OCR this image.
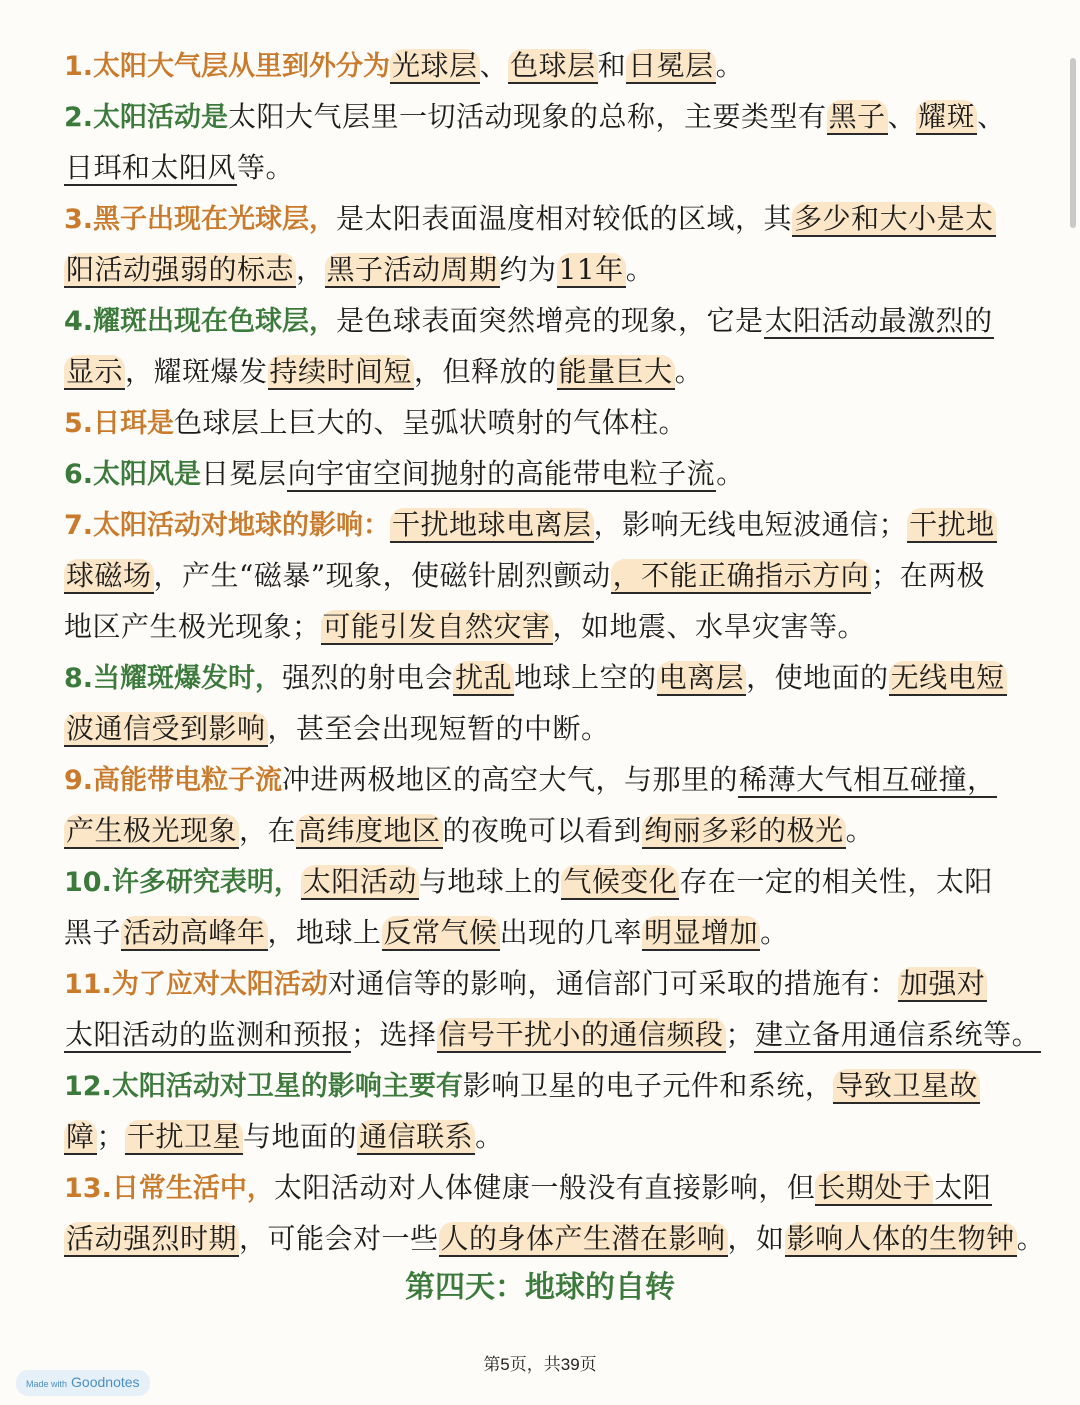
1.太阳大气层从里到外分为光球层、色球层和日冕层。
2.太阳活动是太阳大气层里一切活动现象的总称，主要类型有黑子、耀斑、
日珥和太阳风等。
3.黑子出现在光球层，是太阳表面温度相对较低的区域，其多少和大小是太
阳活动强弱的标志，黑子活动周期约为11年。
4.耀斑出现在色球层，是色球表面突然增亮的现象，它是太阳活动最激烈的
显示，耀斑爆发持续时间短，但释放的能量巨大。
5.日珥是色球层上巨大的、呈弧状喷射的气体柱。
6.太阳风是日冕层向宇宙空间抛射的高能带电粒子流。
7.太阳活动对地球的影响：干扰地球电离层，影响无线电短波通信；干扰地
球磁场，产生“磁暴”现象，使磁针剧烈颤动，不能正确指示方向；在两极
地区产生极光现象；可能引发自然灾害，如地震、水旱灾害等。
8.当耀斑爆发时，强烈的射电会扰乱地球上空的电离层，使地面的无线电短
波通信受到影响，甚至会出现短暂的中断。
9.高能带电粒子流冲进两极地区的高空大气，与那里的稀薄大气相互碰撞，
产生极光现象，在高纬度地区的夜晚可以看到绚丽多彩的极光。
10.许多研究表明，太阳活动与地球上的气候变化存在一定的相关性，太阳
黑子活动高峰年，地球上反常气候出现的几率明显增加。
11.为了应对太阳活动对通信等的影响，通信部门可采取的措施有：加强对
太阳活动的监测和预报；选择信号干扰小的通信频段；建立备用通信系统等。
12.太阳活动对卫星的影响主要有影响卫星的电子元件和系统，导致卫星故
障；干扰卫星与地面的通信联系。
13.日常生活中，太阳活动对人体健康一般没有直接影响，但长期处于 太阳
活动强烈时期，可能会对一些人的身体产生潜在影响，如影响人体的生物钟。
第四天：地球的自转
第5页，共39页
Made with Goodnotes
